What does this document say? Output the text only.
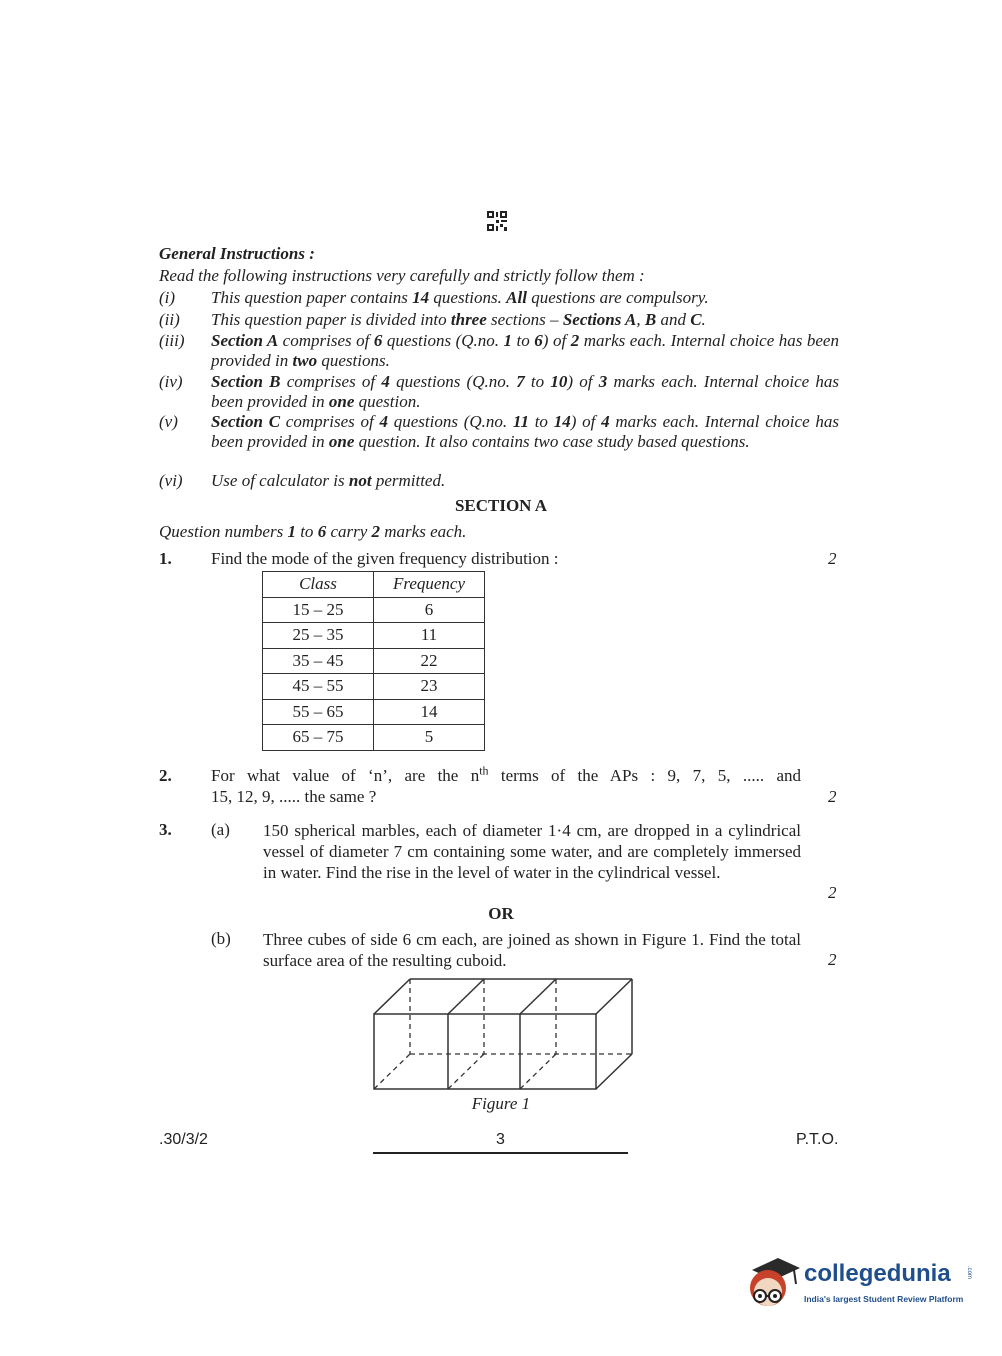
General Instructions :
Read the following instructions very carefully and strictly follow them :
(i) This question paper contains 14 questions. All questions are compulsory.
(ii) This question paper is divided into three sections – Sections A, B and C.
(iii) Section A comprises of 6 questions (Q.no. 1 to 6) of 2 marks each. Internal choice has been provided in two questions.
(iv) Section B comprises of 4 questions (Q.no. 7 to 10) of 3 marks each. Internal choice has been provided in one question.
(v) Section C comprises of 4 questions (Q.no. 11 to 14) of 4 marks each. Internal choice has been provided in one question. It also contains two case study based questions.
(vi) Use of calculator is not permitted.
SECTION A
Question numbers 1 to 6 carry 2 marks each.
1. Find the mode of the given frequency distribution :	2
Class	Frequency
15 – 25	6
25 – 35	11
35 – 45	22
45 – 55	23
55 – 65	14
65 – 75	5
2. For what value of ‘n’, are the $n^{th}$ terms of the APs : 9, 7, 5, ..... and
15, 12, 9, ..... the same ?	2
3. (a) 150 spherical marbles, each of diameter 1·4 cm, are dropped in a cylindrical vessel of diameter 7 cm containing some water, and are completely immersed in water. Find the rise in the level of water in the cylindrical vessel.
2
OR
(b) Three cubes of side 6 cm each, are joined as shown in Figure 1. Find the total surface area of the resulting cuboid.	2
Figure 1
.30/3/2	3	P.T.O.
collegedunia	.com
India's largest Student Review Platform
